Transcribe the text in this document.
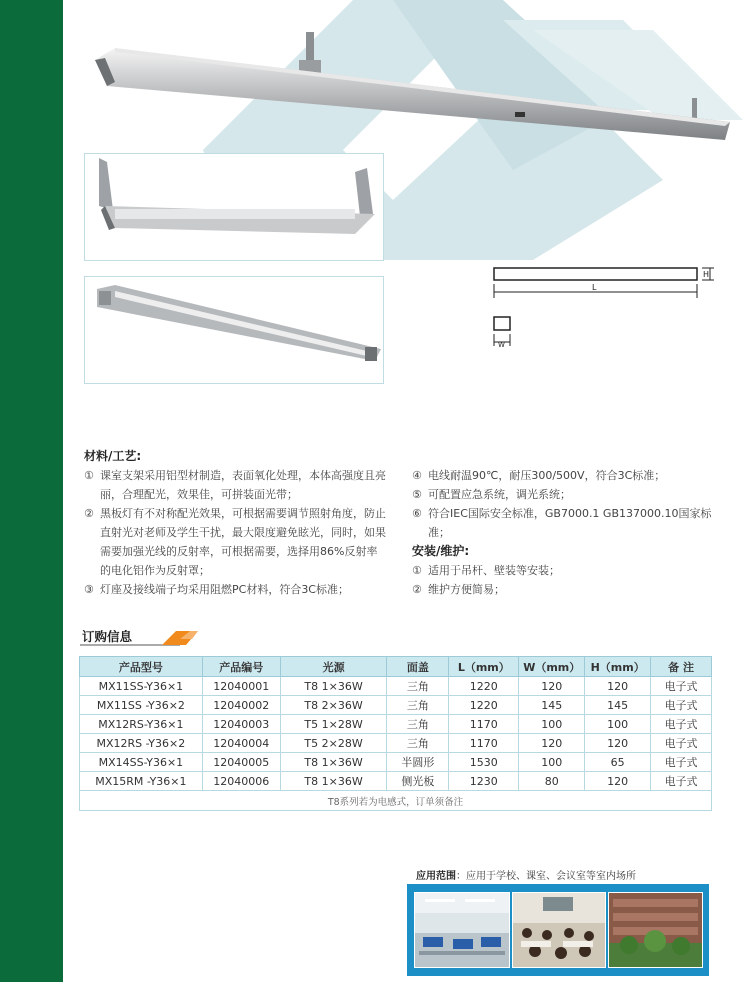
H
L
W
材料/工艺:
① 课室支架采用铝型材制造，表面氧化处理，本体高强度且亮丽，合理配光，效果佳，可拼装面光带；
② 黑板灯有不对称配光效果，可根据需要调节照射角度，防止直射光对老师及学生干扰，最大限度避免眩光，同时，如果需要加强光线的反射率，可根据需要，选择用86%反射率的电化铝作为反射罩；
③ 灯座及接线端子均采用阻燃PC材料，符合3C标准；
④ 电线耐温90℃，耐压300/500V，符合3C标准；
⑤ 可配置应急系统，调光系统；
⑥ 符合IEC国际安全标准，GB7000.1 GB137000.10国家标准；
安装/维护:
① 适用于吊杆、壁装等安装；
② 维护方便简易；
订购信息
产品型号	产品编号	光源	面盖	L（mm）	W（mm）	H（mm）	备 注
MX11SS-Y36×1	12040001	T8 1×36W	三角	1220	120	120	电子式
MX11SS -Y36×2	12040002	T8 2×36W	三角	1220	145	145	电子式
MX12RS-Y36×1	12040003	T5 1×28W	三角	1170	100	100	电子式
MX12RS -Y36×2	12040004	T5 2×28W	三角	1170	120	120	电子式
MX14SS-Y36×1	12040005	T8 1×36W	半圆形	1530	100	65	电子式
MX15RM -Y36×1	12040006	T8 1×36W	侧光板	1230	80	120	电子式
T8系列若为电感式，订单须备注							
应用范围：应用于学校、课室、会议室等室内场所
